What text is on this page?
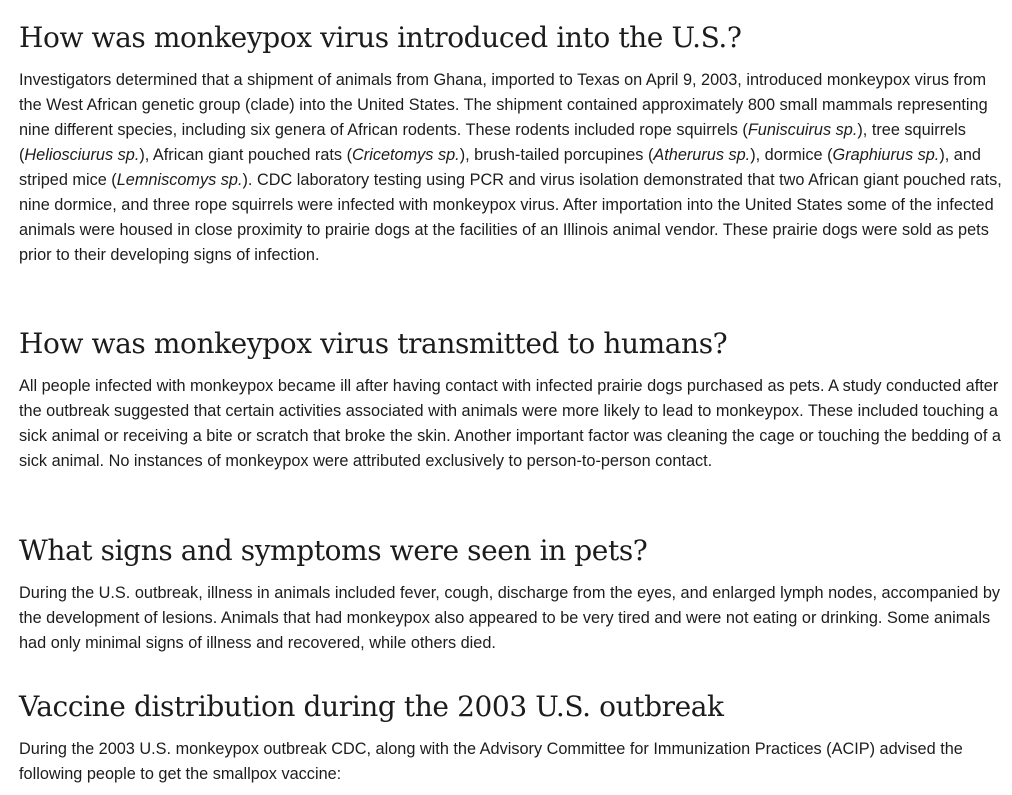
How was monkeypox virus introduced into the U.S.?

Investigators determined that a shipment of animals from Ghana, imported to Texas on April 9, 2003, introduced monkeypox virus from the West African genetic group (clade) into the United States. The shipment contained approximately 800 small mammals representing nine different species, including six genera of African rodents. These rodents included rope squirrels (Funiscuirus sp.), tree squirrels (Heliosciurus sp.), African giant pouched rats (Cricetomys sp.), brush-tailed porcupines (Atherurus sp.), dormice (Graphiurus sp.), and striped mice (Lemniscomys sp.). CDC laboratory testing using PCR and virus isolation demonstrated that two African giant pouched rats, nine dormice, and three rope squirrels were infected with monkeypox virus. After importation into the United States some of the infected animals were housed in close proximity to prairie dogs at the facilities of an Illinois animal vendor. These prairie dogs were sold as pets prior to their developing signs of infection.

How was monkeypox virus transmitted to humans?

All people infected with monkeypox became ill after having contact with infected prairie dogs purchased as pets. A study conducted after the outbreak suggested that certain activities associated with animals were more likely to lead to monkeypox. These included touching a sick animal or receiving a bite or scratch that broke the skin. Another important factor was cleaning the cage or touching the bedding of a sick animal. No instances of monkeypox were attributed exclusively to person-to-person contact.

What signs and symptoms were seen in pets?

During the U.S. outbreak, illness in animals included fever, cough, discharge from the eyes, and enlarged lymph nodes, accompanied by the development of lesions. Animals that had monkeypox also appeared to be very tired and were not eating or drinking. Some animals had only minimal signs of illness and recovered, while others died.

Vaccine distribution during the 2003 U.S. outbreak

During the 2003 U.S. monkeypox outbreak CDC, along with the Advisory Committee for Immunization Practices (ACIP) advised the following people to get the smallpox vaccine:
